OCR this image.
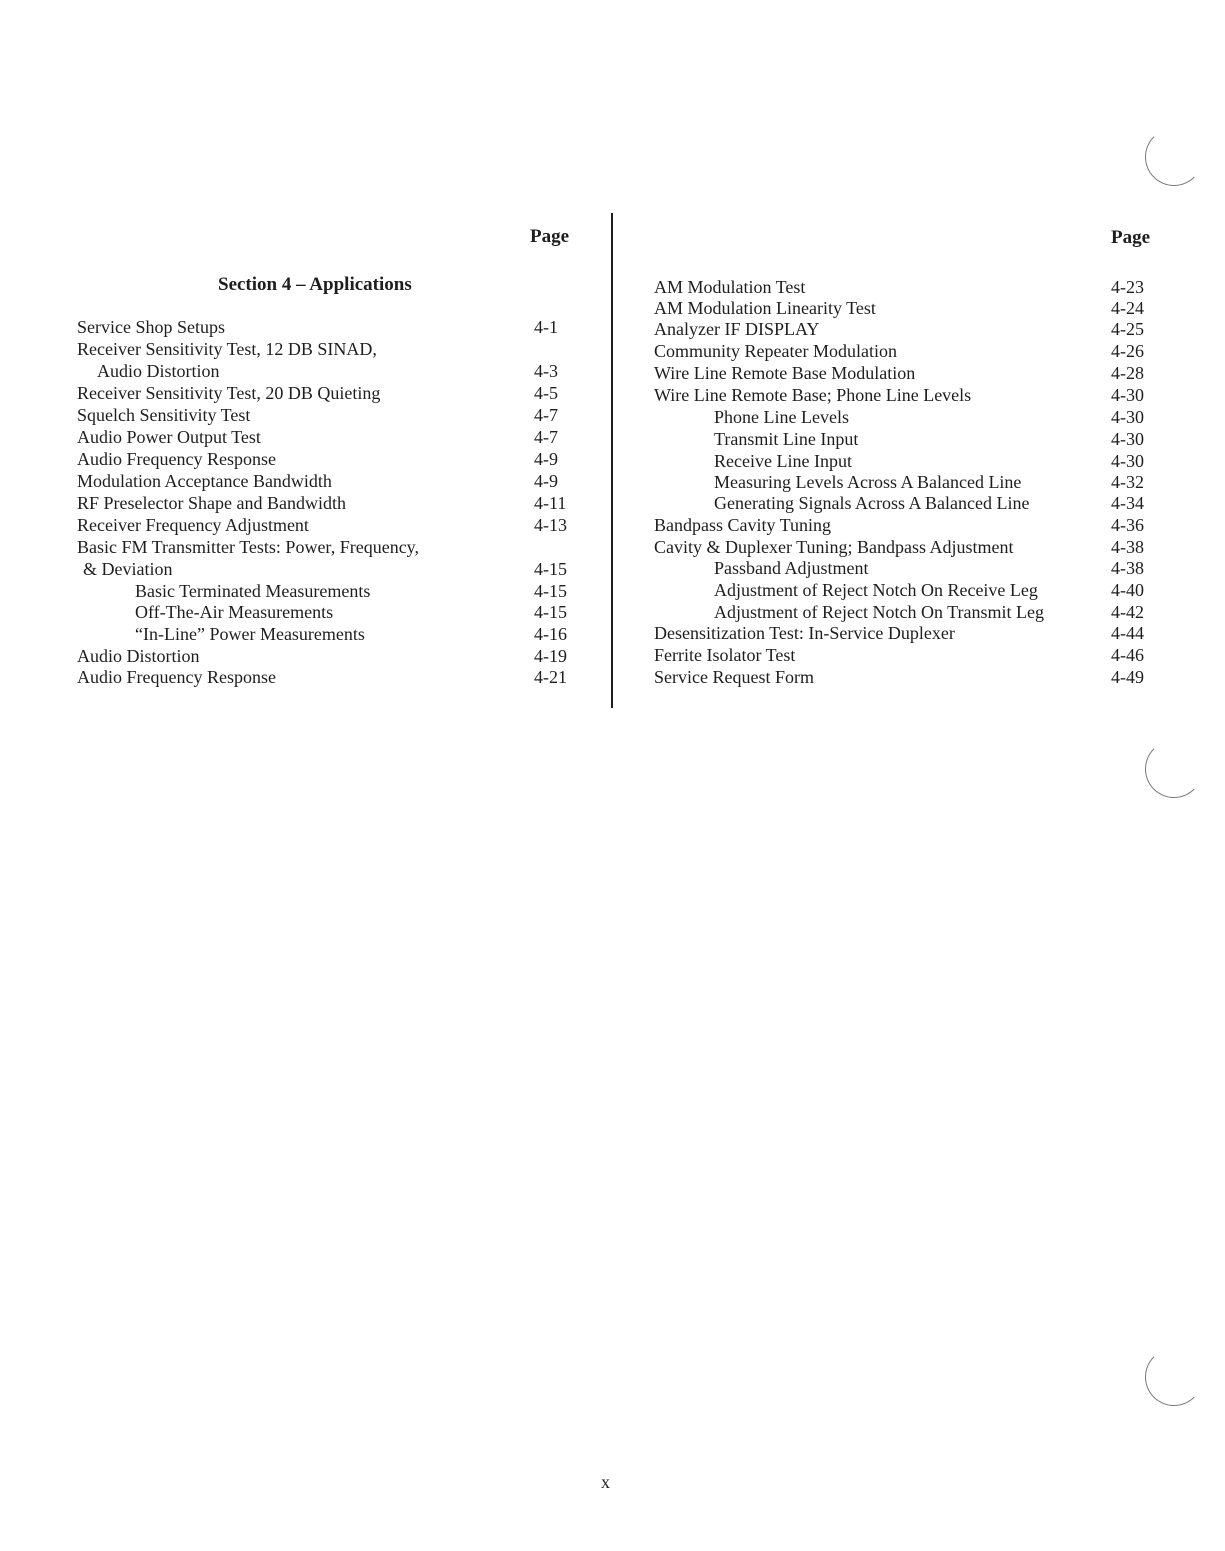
Page	Page
Section 4 – Applications
Service Shop Setups	4-1
Receiver Sensitivity Test, 12 DB SINAD,
Audio Distortion	4-3
Receiver Sensitivity Test, 20 DB Quieting	4-5
Squelch Sensitivity Test	4-7
Audio Power Output Test	4-7
Audio Frequency Response	4-9
Modulation Acceptance Bandwidth	4-9
RF Preselector Shape and Bandwidth	4-11
Receiver Frequency Adjustment	4-13
Basic FM Transmitter Tests: Power, Frequency,
& Deviation	4-15
Basic Terminated Measurements	4-15
Off-The-Air Measurements	4-15
“In-Line” Power Measurements	4-16
Audio Distortion	4-19
Audio Frequency Response	4-21
AM Modulation Test	4-23
AM Modulation Linearity Test	4-24
Analyzer IF DISPLAY	4-25
Community Repeater Modulation	4-26
Wire Line Remote Base Modulation	4-28
Wire Line Remote Base; Phone Line Levels	4-30
Phone Line Levels	4-30
Transmit Line Input	4-30
Receive Line Input	4-30
Measuring Levels Across A Balanced Line	4-32
Generating Signals Across A Balanced Line	4-34
Bandpass Cavity Tuning	4-36
Cavity & Duplexer Tuning; Bandpass Adjustment	4-38
Passband Adjustment	4-38
Adjustment of Reject Notch On Receive Leg	4-40
Adjustment of Reject Notch On Transmit Leg	4-42
Desensitization Test: In-Service Duplexer	4-44
Ferrite Isolator Test	4-46
Service Request Form	4-49
x
